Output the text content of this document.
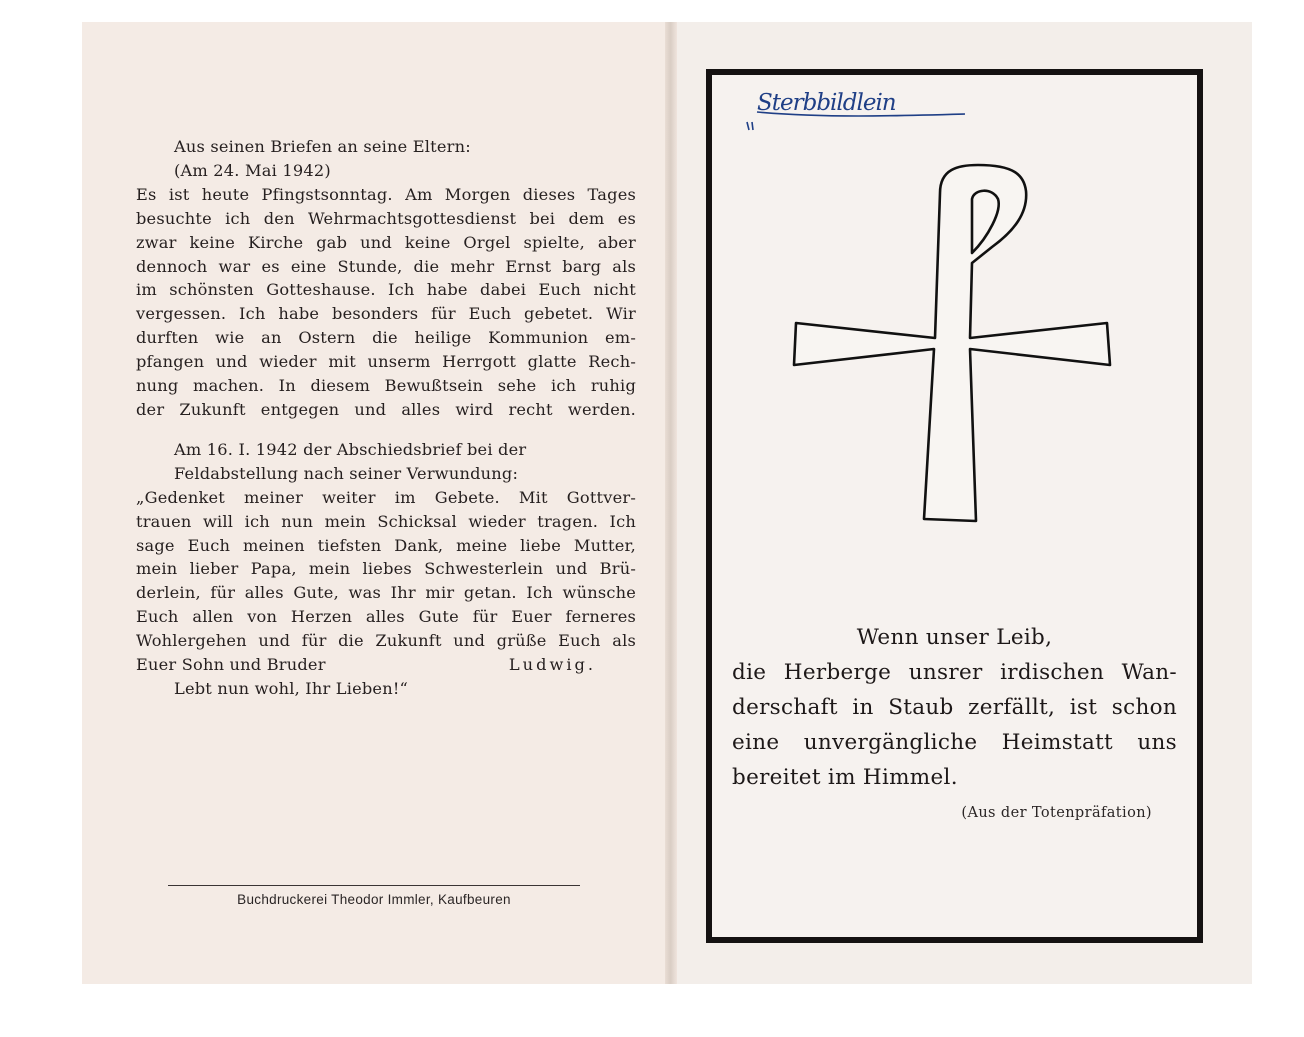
Aus seinen Briefen an seine Eltern:

(Am 24. Mai 1942)

Es ist heute Pfingstsonntag. Am Morgen dieses Tages

besuchte ich den Wehrmachtsgottesdienst bei dem es

zwar keine Kirche gab und keine Orgel spielte, aber

dennoch war es eine Stunde, die mehr Ernst barg als

im schönsten Gotteshause. Ich habe dabei Euch nicht

vergessen. Ich habe besonders für Euch gebetet. Wir

durften wie an Ostern die heilige Kommunion em-

pfangen und wieder mit unserm Herrgott glatte Rech-

nung machen. In diesem Bewußtsein sehe ich ruhig

der Zukunft entgegen und alles wird recht werden.

Am 16. I. 1942 der Abschiedsbrief bei der

Feldabstellung nach seiner Verwundung:

„Gedenket meiner weiter im Gebete. Mit Gottver-

trauen will ich nun mein Schicksal wieder tragen. Ich

sage Euch meinen tiefsten Dank, meine liebe Mutter,

mein lieber Papa, mein liebes Schwesterlein und Brü-

derlein, für alles Gute, was Ihr mir getan. Ich wünsche

Euch allen von Herzen alles Gute für Euer ferneres

Wohlergehen und für die Zukunft und grüße Euch als

Euer Sohn und Bruder	Ludwig.

Lebt nun wohl, Ihr Lieben!“

Buchdruckerei Theodor Immler, Kaufbeuren
Sterbbildlein

Wenn unser Leib,

die Herberge unsrer irdischen Wan-

derschaft in Staub zerfällt, ist schon

eine unvergängliche Heimstatt uns

bereitet im Himmel.

(Aus der Totenpräfation)
